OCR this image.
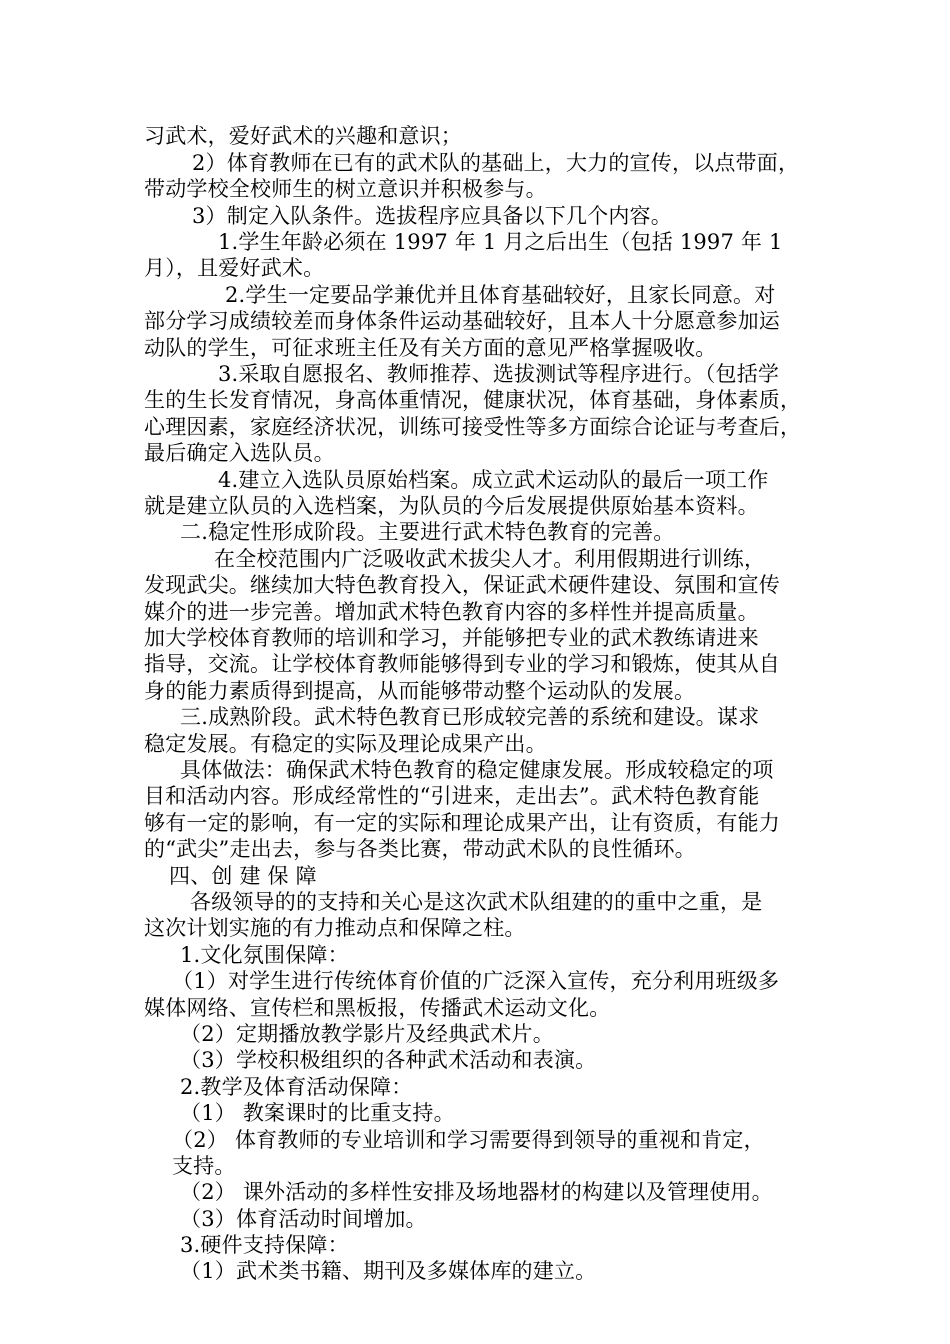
习武术，爱好武术的兴趣和意识；
2）体育教师在已有的武术队的基础上，大力的宣传，以点带面，
带动学校全校师生的树立意识并积极参与。
3）制定入队条件。选拔程序应具备以下几个内容。
1.学生年龄必须在 1997 年 1 月之后出生（包括 1997 年 1
月），且爱好武术。
2.学生一定要品学兼优并且体育基础较好，且家长同意。对
部分学习成绩较差而身体条件运动基础较好，且本人十分愿意参加运
动队的学生，可征求班主任及有关方面的意见严格掌握吸收。
3.采取自愿报名、教师推荐、选拔测试等程序进行。（包括学
生的生长发育情况，身高体重情况，健康状况，体育基础，身体素质，
心理因素，家庭经济状况，训练可接受性等多方面综合论证与考查后，
最后确定入选队员。
4.建立入选队员原始档案。成立武术运动队的最后一项工作
就是建立队员的入选档案，为队员的今后发展提供原始基本资料。
二.稳定性形成阶段。主要进行武术特色教育的完善。
在全校范围内广泛吸收武术拔尖人才。利用假期进行训练，
发现武尖。继续加大特色教育投入，保证武术硬件建设、氛围和宣传
媒介的进一步完善。增加武术特色教育内容的多样性并提高质量。
加大学校体育教师的培训和学习，并能够把专业的武术教练请进来
指导，交流。让学校体育教师能够得到专业的学习和锻炼，使其从自
身的能力素质得到提高，从而能够带动整个运动队的发展。
三.成熟阶段。武术特色教育已形成较完善的系统和建设。谋求
稳定发展。有稳定的实际及理论成果产出。
具体做法：确保武术特色教育的稳定健康发展。形成较稳定的项
目和活动内容。形成经常性的“引进来，走出去”。武术特色教育能
够有一定的影响，有一定的实际和理论成果产出，让有资质，有能力
的“武尖”走出去，参与各类比赛，带动武术队的良性循环。
四、创 建 保 障
各级领导的的支持和关心是这次武术队组建的的重中之重，是
这次计划实施的有力推动点和保障之柱。
1.文化氛围保障：
（1）对学生进行传统体育价值的广泛深入宣传，充分利用班级多
媒体网络、宣传栏和黑板报，传播武术运动文化。
（2）定期播放教学影片及经典武术片。
（3）学校积极组织的各种武术活动和表演。
2.教学及体育活动保障：
（1） 教案课时的比重支持。
（2） 体育教师的专业培训和学习需要得到领导的重视和肯定，
支持。
（2） 课外活动的多样性安排及场地器材的构建以及管理使用。
（3）体育活动时间增加。
3.硬件支持保障：
（1）武术类书籍、期刊及多媒体库的建立。
